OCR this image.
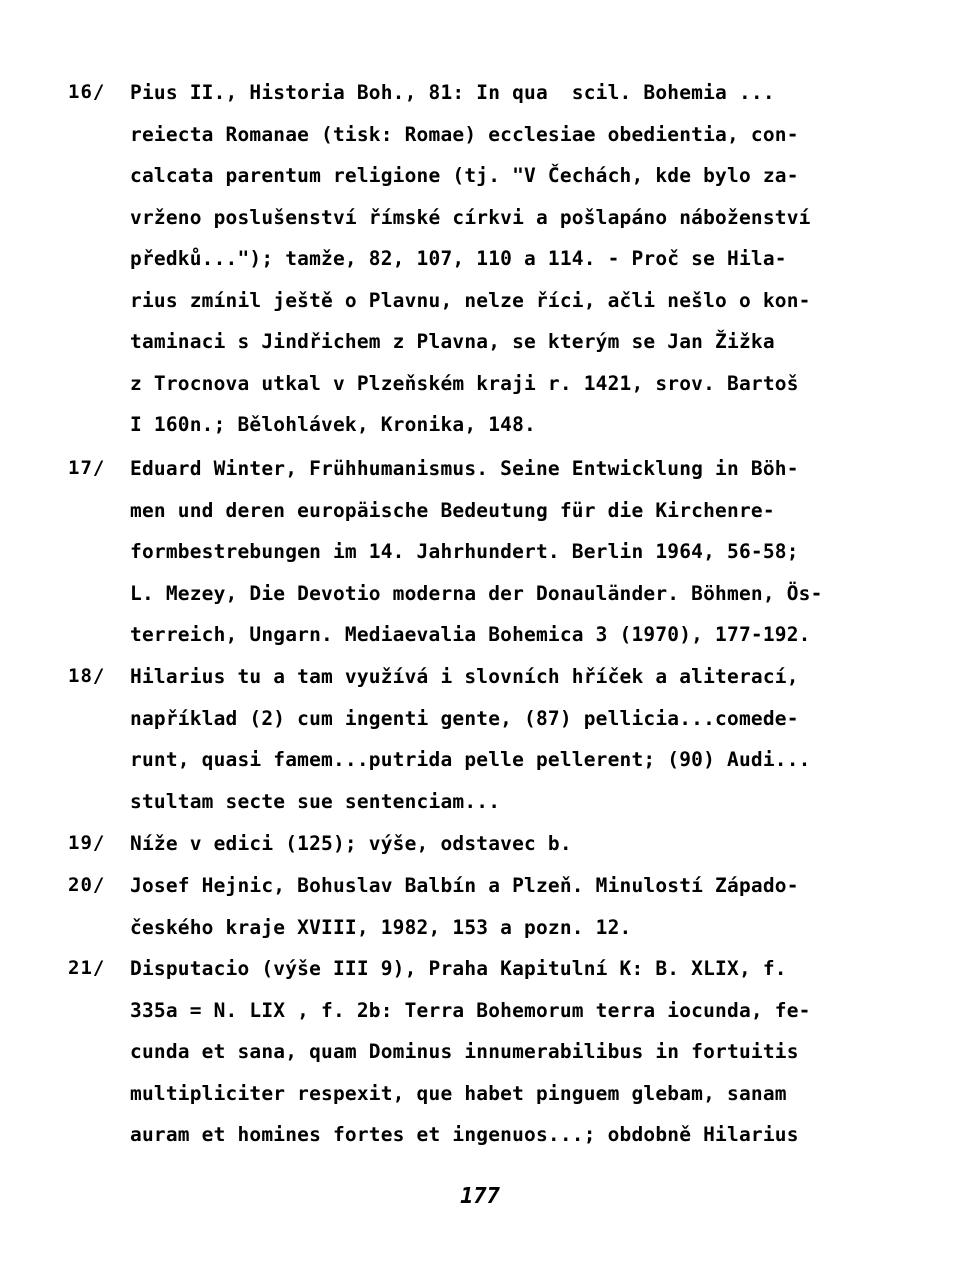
16/ Pius II., Historia Boh., 81: In qua  scil. Bohemia ...
reiecta Romanae (tisk: Romae) ecclesiae obedientia, con-
calcata parentum religione (tj. "V Čechách, kde bylo za-
vrženo poslušenství římské církvi a pošlapáno náboženství
předků..."); tamže, 82, 107, 110 a 114. - Proč se Hila-
rius zmínil ještě o Plavnu, nelze říci, ačli nešlo o kon-
taminaci s Jindřichem z Plavna, se kterým se Jan Žižka
z Trocnova utkal v Plzeňském kraji r. 1421, srov. Bartoš
I 160n.; Bělohlávek, Kronika, 148.
17/ Eduard Winter, Frühhumanismus. Seine Entwicklung in Böh-
men und deren europäische Bedeutung für die Kirchenre-
formbestrebungen im 14. Jahrhundert. Berlin 1964, 56-58;
L. Mezey, Die Devotio moderna der Donauländer. Böhmen, Ös-
terreich, Ungarn. Mediaevalia Bohemica 3 (1970), 177-192.
18/ Hilarius tu a tam využívá i slovních hříček a aliterací,
například (2) cum ingenti gente, (87) pellicia...comede-
runt, quasi famem...putrida pelle pellerent; (90) Audi...
stultam secte sue sentenciam...
19/ Níže v edici (125); výše, odstavec b.
20/ Josef Hejnic, Bohuslav Balbín a Plzeň. Minulostí Západo-
českého kraje XVIII, 1982, 153 a pozn. 12.
21/ Disputacio (výše III 9), Praha Kapitulní K: B. XLIX, f.
335a = N. LIX , f. 2b: Terra Bohemorum terra iocunda, fe-
cunda et sana, quam Dominus innumerabilibus in fortuitis
multipliciter respexit, que habet pinguem glebam, sanam
auram et homines fortes et ingenuos...; obdobně Hilarius
177
